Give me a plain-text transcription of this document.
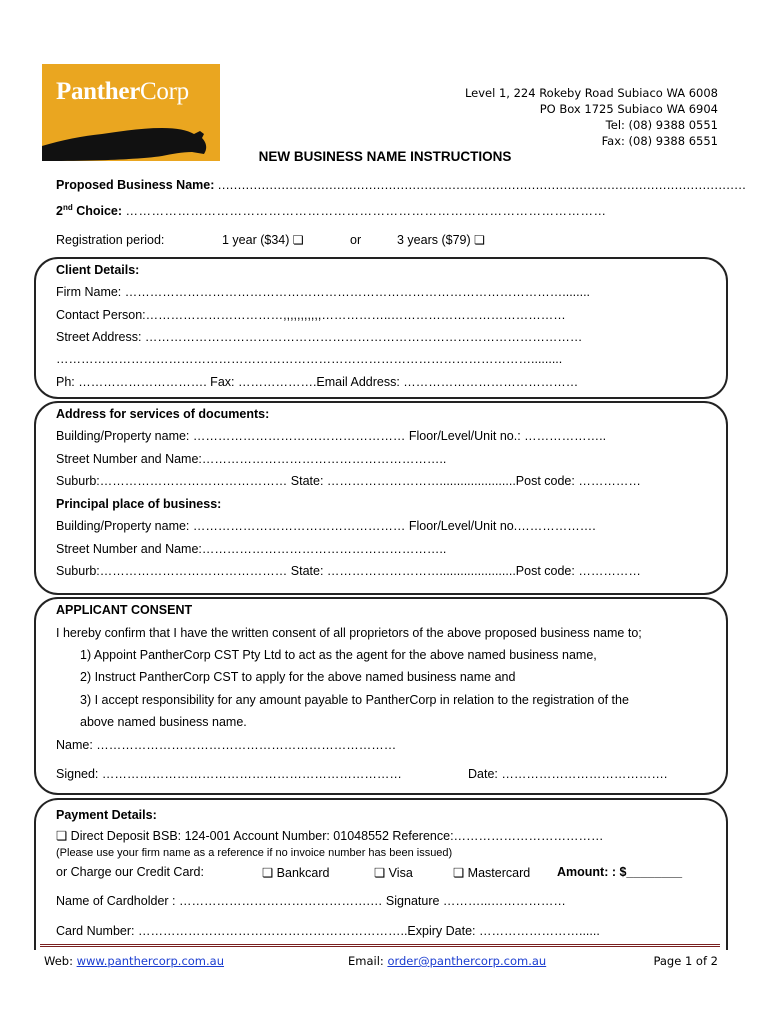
PantherCorp	Level 1, 224 Rokeby Road Subiaco WA 6008
PO Box 1725 Subiaco WA 6904
Tel: (08) 9388 0551
Fax: (08) 9388 6551
NEW BUSINESS NAME INSTRUCTIONS
Proposed Business Name: .....................................................................................................................................
2nd Choice: …………………………………………………………………………………………………
Registration period:	1 year ($34) ❏	or	3 years ($79) ❏
Client Details:
Firm Name: ……………………………………………………………………………………………........
Contact Person:……………………………,,,,,,,,,,,……………..……………………………………
Street Address: ……………………………………………………………………………………………
…………………………………………………………………………………………………….........
Ph: …………………………. Fax: ……………….Email Address: ……………………………………
Address for services of documents:
Building/Property name: …………………………………………… Floor/Level/Unit no.: ………………..
Street Number and Name:…………………………………………………..
Suburb:……………………………………… State: ………………………......................Post code: ……………
Principal place of business:
Building/Property name: …………………………………………… Floor/Level/Unit no.……………….
Street Number and Name:…………………………………………………..
Suburb:……………………………………… State: ………………………......................Post code: ……………
APPLICANT CONSENT
I hereby confirm that I have the written consent of all proprietors of the above proposed business name to;
1) Appoint PantherCorp CST Pty Ltd to act as the agent for the above named business name,
2) Instruct PantherCorp CST to apply for the above named business name and
3) I accept responsibility for any amount payable to PantherCorp in relation to the registration of the
above named business name.
Name: ………………………………………………………………
Signed: ………………………………………………………………	Date: ………………………………….
Payment Details:
❏ Direct Deposit BSB: 124-001 Account Number: 01048552 Reference:………………………………
(Please use your firm name as a reference if no invoice number has been issued)
or Charge our Credit Card:	❏ Bankcard	❏ Visa	❏ Mastercard Amount: : $________
Name of Cardholder : ……………………………………….… Signature ………...………………
Card Number: ………………………………………………………..Expiry Date: ……………………......
Web: www.panthercorp.com.au	Email: order@panthercorp.com.au	Page 1 of 2
